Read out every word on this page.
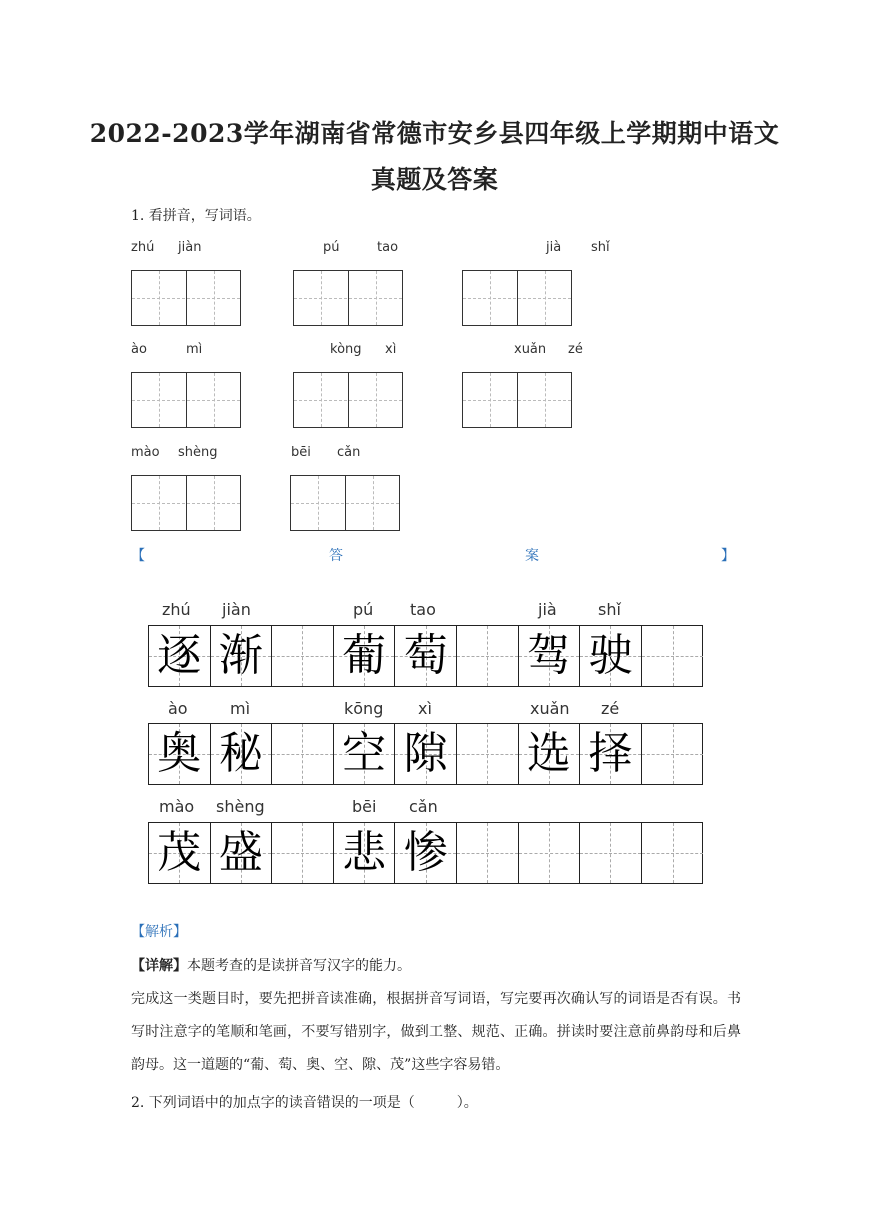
2022-2023学年湖南省常德市安乡县四年级上学期期中语文
真题及答案
1. 看拼音，写词语。
zhú jiàn	pú	tao	jià shǐ
ào	mì	kòng xì	xuǎn zé
mào shèng	bēi cǎn
【	答	案	】
zhú jiàn	pú tao	jià	shǐ
逐 渐 葡 萄 驾 驶
ào	mì	kōng xì	xuǎn zé
奥 秘 空 隙 选 择
mào shèng	bēi cǎn
茂 盛 悲 惨
【解析】
【详解】本题考查的是读拼音写汉字的能力。
完成这一类题目时，要先把拼音读准确，根据拼音写词语，写完要再次确认写的词语是否有误。书写时注意字的笔顺和笔画，不要写错别字，做到工整、规范、正确。拼读时要注意前鼻韵母和后鼻韵母。这一道题的“葡、萄、奥、空、隙、茂”这些字容易错。
2. 下列词语中的加点字的读音错误的一项是（　　　）。
